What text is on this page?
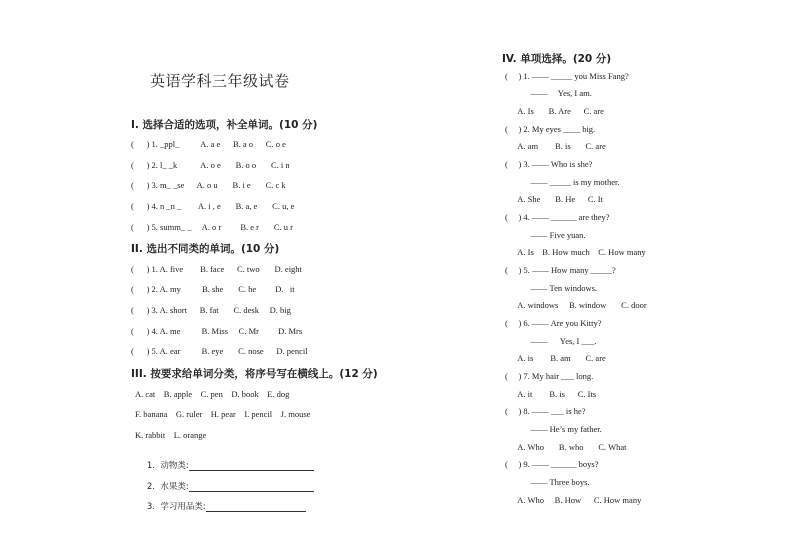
英语学科三年级试卷
I. 选择合适的选项，补全单词。(10 分)
(　  ) 1. _ppl_          A. a e      B. a o      C. o e
(　  ) 2. l_ _k           A. o e       B. o o       C. i n
(　  ) 3. m_ _se      A. o u       B. i e       C. c k
(　  ) 4. n _n _        A. i , e       B. a, e       C. u, e
(　  ) 5. summ_ _     A. o r         B. e r       C. u r
II. 选出不同类的单词。(10 分)
(　  ) 1. A. five        B. face      C. two       D. eight
(　  ) 2. A. my          B. she       C. he         D.   it
(　  ) 3. A. short      B. fat       C. desk     D. big
(　  ) 4. A. me          B. Miss     C. Mr         D. Mrs
(　  ) 5. A. ear          B. eye       C. nose      D. pencil
III. 按要求给单词分类，将序号写在横线上。(12 分)
A. cat    B. apple    C. pen    D. book    E. dog
F. banana    G. ruler    H. pear    I. pencil    J. mouse
K. rabbit    L. orange

1.  动物类:

2.  水果类:

3.  学习用品类:

IV. 单项选择。(20 分)
(　 ) 1. —— _____ you Miss Fang?
——     Yes, I am.
A. Is       B. Are      C. are
(　 ) 2. My eyes ____ big.
A. am        B. is       C. are
(　 ) 3. —— Who is she?
—— _____ is my mother.
A. She       B. He      C. It
(　 ) 4. —— ______ are they?
—— Five yuan.
A. Is    B. How much    C. How many
(　 ) 5. —— How many _____?
—— Ten windows.
A. windows     B. window       C. door
(　 ) 6. —— Are you Kitty?
——      Yes, I ___.
A. is        B. am       C. are
(　 ) 7. My hair ___ long.
A. it        B. is      C. Its
(　 ) 8. —— ___ is he?
—— He’s my father.
A. Who       B. who       C. What
(　 ) 9. —— ______ boys?
—— Three boys.
A. Who     B. How      C. How many
